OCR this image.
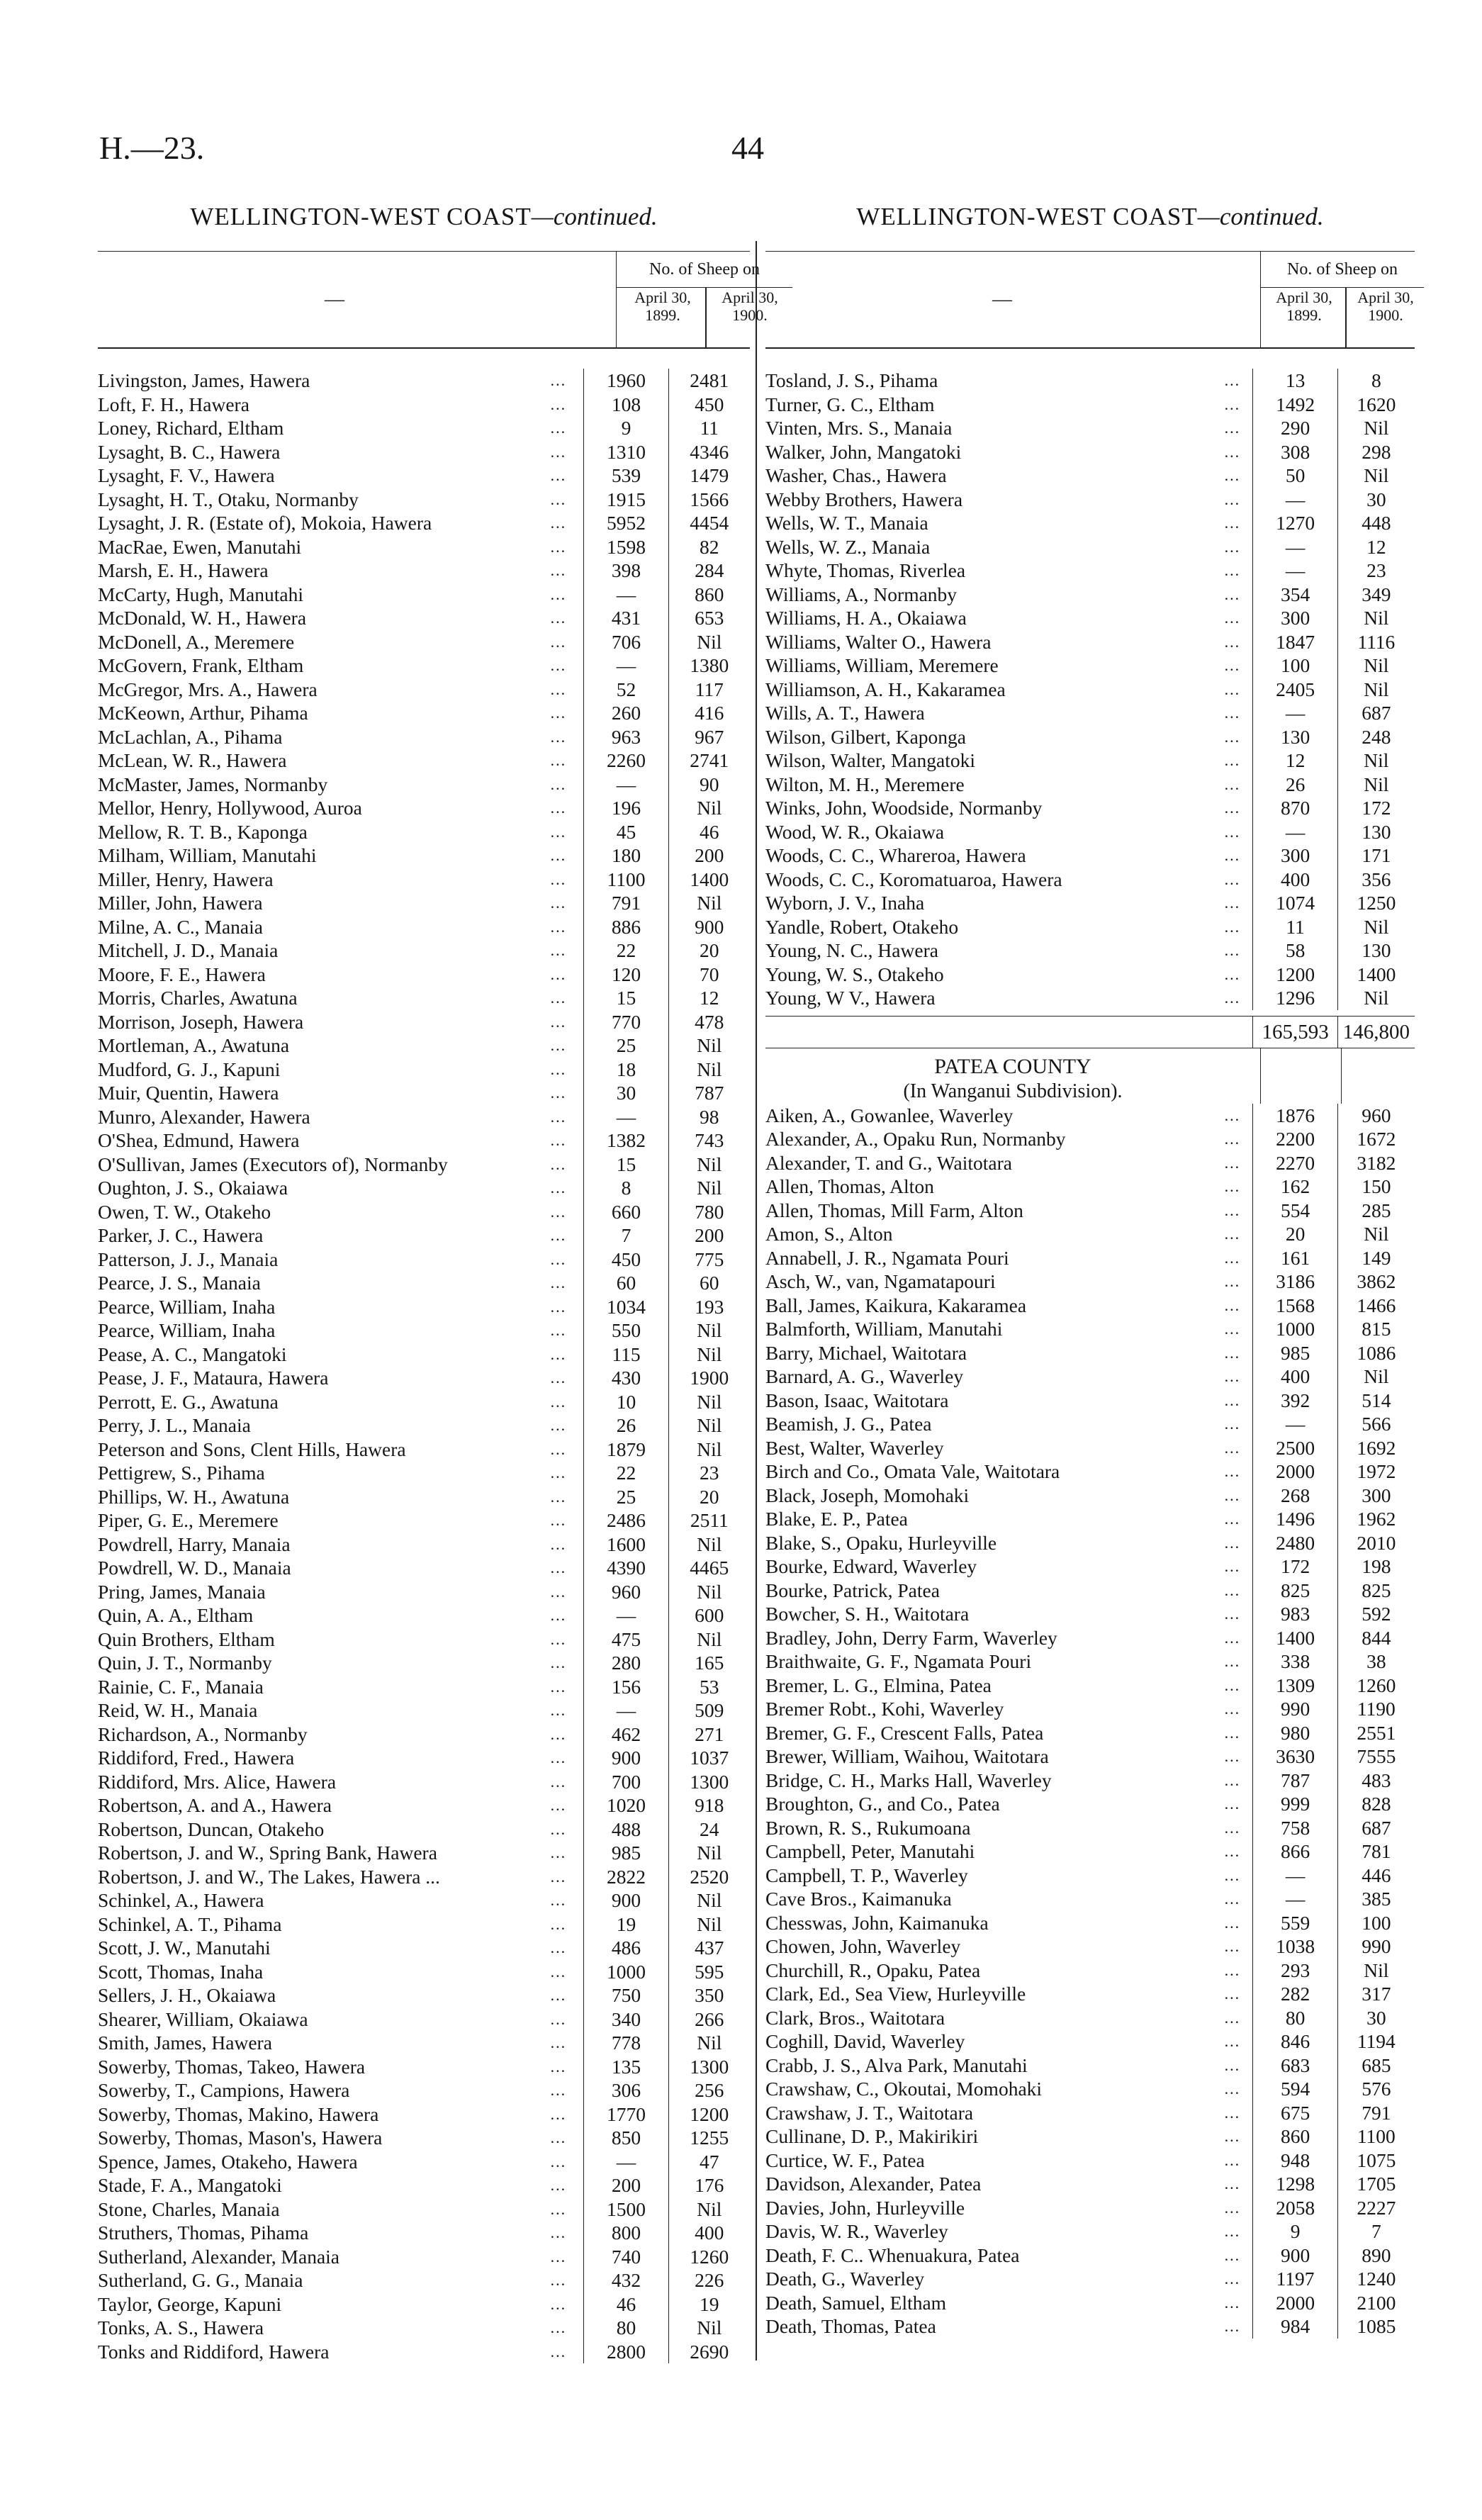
H.—23.	44
WELLINGTON-WEST COAST—continued.
—
No. of Sheep on
April 30, 1899.
April 30, 1900.
Livingston, James, Hawera	...	1960	2481
Loft, F. H., Hawera	...	108	450
Loney, Richard, Eltham	...	9	11
Lysaght, B. C., Hawera	...	1310	4346
Lysaght, F. V., Hawera	...	539	1479
Lysaght, H. T., Otaku, Normanby	...	1915	1566
Lysaght, J. R. (Estate of), Mokoia, Hawera	...	5952	4454
MacRae, Ewen, Manutahi	...	1598	82
Marsh, E. H., Hawera	...	398	284
McCarty, Hugh, Manutahi	...	—	860
McDonald, W. H., Hawera	...	431	653
McDonell, A., Meremere	...	706	Nil
McGovern, Frank, Eltham	...	—	1380
McGregor, Mrs. A., Hawera	...	52	117
McKeown, Arthur, Pihama	...	260	416
McLachlan, A., Pihama	...	963	967
McLean, W. R., Hawera	...	2260	2741
McMaster, James, Normanby	...	—	90
Mellor, Henry, Hollywood, Auroa	...	196	Nil
Mellow, R. T. B., Kaponga	...	45	46
Milham, William, Manutahi	...	180	200
Miller, Henry, Hawera	...	1100	1400
Miller, John, Hawera	...	791	Nil
Milne, A. C., Manaia	...	886	900
Mitchell, J. D., Manaia	...	22	20
Moore, F. E., Hawera	...	120	70
Morris, Charles, Awatuna	...	15	12
Morrison, Joseph, Hawera	...	770	478
Mortleman, A., Awatuna	...	25	Nil
Mudford, G. J., Kapuni	...	18	Nil
Muir, Quentin, Hawera	...	30	787
Munro, Alexander, Hawera	...	—	98
O'Shea, Edmund, Hawera	...	1382	743
O'Sullivan, James (Executors of), Normanby	...	15	Nil
Oughton, J. S., Okaiawa	...	8	Nil
Owen, T. W., Otakeho	...	660	780
Parker, J. C., Hawera	...	7	200
Patterson, J. J., Manaia	...	450	775
Pearce, J. S., Manaia	...	60	60
Pearce, William, Inaha	...	1034	193
Pearce, William, Inaha	...	550	Nil
Pease, A. C., Mangatoki	...	115	Nil
Pease, J. F., Mataura, Hawera	...	430	1900
Perrott, E. G., Awatuna	...	10	Nil
Perry, J. L., Manaia	...	26	Nil
Peterson and Sons, Clent Hills, Hawera	...	1879	Nil
Pettigrew, S., Pihama	...	22	23
Phillips, W. H., Awatuna	...	25	20
Piper, G. E., Meremere	...	2486	2511
Powdrell, Harry, Manaia	...	1600	Nil
Powdrell, W. D., Manaia	...	4390	4465
Pring, James, Manaia	...	960	Nil
Quin, A. A., Eltham	...	—	600
Quin Brothers, Eltham	...	475	Nil
Quin, J. T., Normanby	...	280	165
Rainie, C. F., Manaia	...	156	53
Reid, W. H., Manaia	...	—	509
Richardson, A., Normanby	...	462	271
Riddiford, Fred., Hawera	...	900	1037
Riddiford, Mrs. Alice, Hawera	...	700	1300
Robertson, A. and A., Hawera	...	1020	918
Robertson, Duncan, Otakeho	...	488	24
Robertson, J. and W., Spring Bank, Hawera	...	985	Nil
Robertson, J. and W., The Lakes, Hawera ...	...	2822	2520
Schinkel, A., Hawera	...	900	Nil
Schinkel, A. T., Pihama	...	19	Nil
Scott, J. W., Manutahi	...	486	437
Scott, Thomas, Inaha	...	1000	595
Sellers, J. H., Okaiawa	...	750	350
Shearer, William, Okaiawa	...	340	266
Smith, James, Hawera	...	778	Nil
Sowerby, Thomas, Takeo, Hawera	...	135	1300
Sowerby, T., Campions, Hawera	...	306	256
Sowerby, Thomas, Makino, Hawera	...	1770	1200
Sowerby, Thomas, Mason's, Hawera	...	850	1255
Spence, James, Otakeho, Hawera	...	—	47
Stade, F. A., Mangatoki	...	200	176
Stone, Charles, Manaia	...	1500	Nil
Struthers, Thomas, Pihama	...	800	400
Sutherland, Alexander, Manaia	...	740	1260
Sutherland, G. G., Manaia	...	432	226
Taylor, George, Kapuni	...	46	19
Tonks, A. S., Hawera	...	80	Nil
Tonks and Riddiford, Hawera	...	2800	2690
WELLINGTON-WEST COAST—continued.
—
No. of Sheep on
April 30, 1899.
April 30, 1900.
Tosland, J. S., Pihama	...	13	8
Turner, G. C., Eltham	...	1492	1620
Vinten, Mrs. S., Manaia	...	290	Nil
Walker, John, Mangatoki	...	308	298
Washer, Chas., Hawera	...	50	Nil
Webby Brothers, Hawera	...	—	30
Wells, W. T., Manaia	...	1270	448
Wells, W. Z., Manaia	...	—	12
Whyte, Thomas, Riverlea	...	—	23
Williams, A., Normanby	...	354	349
Williams, H. A., Okaiawa	...	300	Nil
Williams, Walter O., Hawera	...	1847	1116
Williams, William, Meremere	...	100	Nil
Williamson, A. H., Kakaramea	...	2405	Nil
Wills, A. T., Hawera	...	—	687
Wilson, Gilbert, Kaponga	...	130	248
Wilson, Walter, Mangatoki	...	12	Nil
Wilton, M. H., Meremere	...	26	Nil
Winks, John, Woodside, Normanby	...	870	172
Wood, W. R., Okaiawa	...	—	130
Woods, C. C., Whareroa, Hawera	...	300	171
Woods, C. C., Koromatuaroa, Hawera	...	400	356
Wyborn, J. V., Inaha	...	1074	1250
Yandle, Robert, Otakeho	...	11	Nil
Young, N. C., Hawera	...	58	130
Young, W. S., Otakeho	...	1200	1400
Young, W V., Hawera	...	1296	Nil
165,593 146,800
PATEA COUNTY
(In Wanganui Subdivision).
Aiken, A., Gowanlee, Waverley	...	1876	960
Alexander, A., Opaku Run, Normanby	...	2200	1672
Alexander, T. and G., Waitotara	...	2270	3182
Allen, Thomas, Alton	...	162	150
Allen, Thomas, Mill Farm, Alton	...	554	285
Amon, S., Alton	...	20	Nil
Annabell, J. R., Ngamata Pouri	...	161	149
Asch, W., van, Ngamatapouri	...	3186	3862
Ball, James, Kaikura, Kakaramea	...	1568	1466
Balmforth, William, Manutahi	...	1000	815
Barry, Michael, Waitotara	...	985	1086
Barnard, A. G., Waverley	...	400	Nil
Bason, Isaac, Waitotara	...	392	514
Beamish, J. G., Patea	...	—	566
Best, Walter, Waverley	...	2500	1692
Birch and Co., Omata Vale, Waitotara	...	2000	1972
Black, Joseph, Momohaki	...	268	300
Blake, E. P., Patea	...	1496	1962
Blake, S., Opaku, Hurleyville	...	2480	2010
Bourke, Edward, Waverley	...	172	198
Bourke, Patrick, Patea	...	825	825
Bowcher, S. H., Waitotara	...	983	592
Bradley, John, Derry Farm, Waverley	...	1400	844
Braithwaite, G. F., Ngamata Pouri	...	338	38
Bremer, L. G., Elmina, Patea	...	1309	1260
Bremer Robt., Kohi, Waverley	...	990	1190
Bremer, G. F., Crescent Falls, Patea	...	980	2551
Brewer, William, Waihou, Waitotara	...	3630	7555
Bridge, C. H., Marks Hall, Waverley	...	787	483
Broughton, G., and Co., Patea	...	999	828
Brown, R. S., Rukumoana	...	758	687
Campbell, Peter, Manutahi	...	866	781
Campbell, T. P., Waverley	...	—	446
Cave Bros., Kaimanuka	...	—	385
Chesswas, John, Kaimanuka	...	559	100
Chowen, John, Waverley	...	1038	990
Churchill, R., Opaku, Patea	...	293	Nil
Clark, Ed., Sea View, Hurleyville	...	282	317
Clark, Bros., Waitotara	...	80	30
Coghill, David, Waverley	...	846	1194
Crabb, J. S., Alva Park, Manutahi	...	683	685
Crawshaw, C., Okoutai, Momohaki	...	594	576
Crawshaw, J. T., Waitotara	...	675	791
Cullinane, D. P., Makirikiri	...	860	1100
Curtice, W. F., Patea	...	948	1075
Davidson, Alexander, Patea	...	1298	1705
Davies, John, Hurleyville	...	2058	2227
Davis, W. R., Waverley	...	9	7
Death, F. C.. Whenuakura, Patea	...	900	890
Death, G., Waverley	...	1197	1240
Death, Samuel, Eltham	...	2000	2100
Death, Thomas, Patea	...	984	1085
